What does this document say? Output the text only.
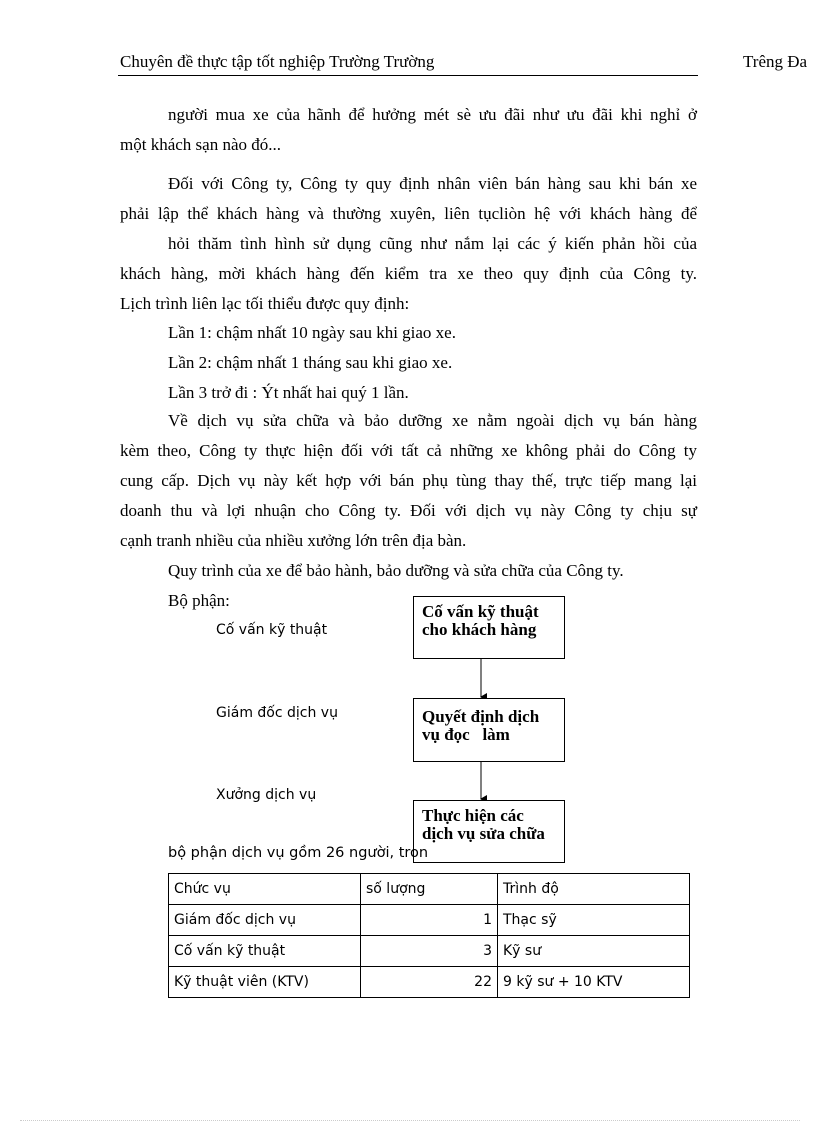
Chuyên đề thực tập tốt nghiệp Trường Trường	Trêng Đa
người mua xe của hãnh để hưởng mét sè ưu đãi như ưu đãi khi nghỉ ở
một khách sạn nào đó...
Đối với Công ty, Công ty quy định nhân viên bán hàng sau khi bán xe
phải lập thể khách hàng và thường xuyên, liên tụcliòn hệ với khách hàng để
hỏi thăm tình hình sử dụng cũng như nắm lại các ý kiến phản hồi của
khách hàng, mời khách hàng đến kiểm tra xe theo quy định của Công ty.
Lịch trình liên lạc tối thiểu được quy định:
Lần 1: chậm nhất 10 ngày sau khi giao xe.
Lần 2: chậm nhất 1 tháng sau khi giao xe.
Lần 3 trở đi : Ýt nhất hai quý 1 lần.
Về dịch vụ sửa chữa và bảo dưỡng xe nằm ngoài dịch vụ bán hàng
kèm theo, Công ty thực hiện đối với tất cả những xe không phải do Công ty
cung cấp. Dịch vụ này kết hợp với bán phụ tùng thay thế, trực tiếp mang lại
doanh thu và lợi nhuận cho Công ty. Đối với dịch vụ này Công ty chịu sự
cạnh tranh nhiều của nhiều xưởng lớn trên địa bàn.
Quy trình của xe để bảo hành, bảo dưỡng và sửa chữa của Công ty.
Bộ phận:
Cố vấn kỹ thuật
Giám đốc dịch vụ
Xưởng dịch vụ
Cố vấn kỹ thuật
cho khách hàng
Quyết định dịch
vụ đọc   làm
Thực hiện các
dịch vụ sửa chữa
bộ phận dịch vụ gồm 26 người, tron
Chức vụ	số lượng	Trình độ
Giám đốc dịch vụ	1	Thạc sỹ
Cố vấn kỹ thuật	3	Kỹ sư
Kỹ thuật viên (KTV)	22	9 kỹ sư + 10 KTV
